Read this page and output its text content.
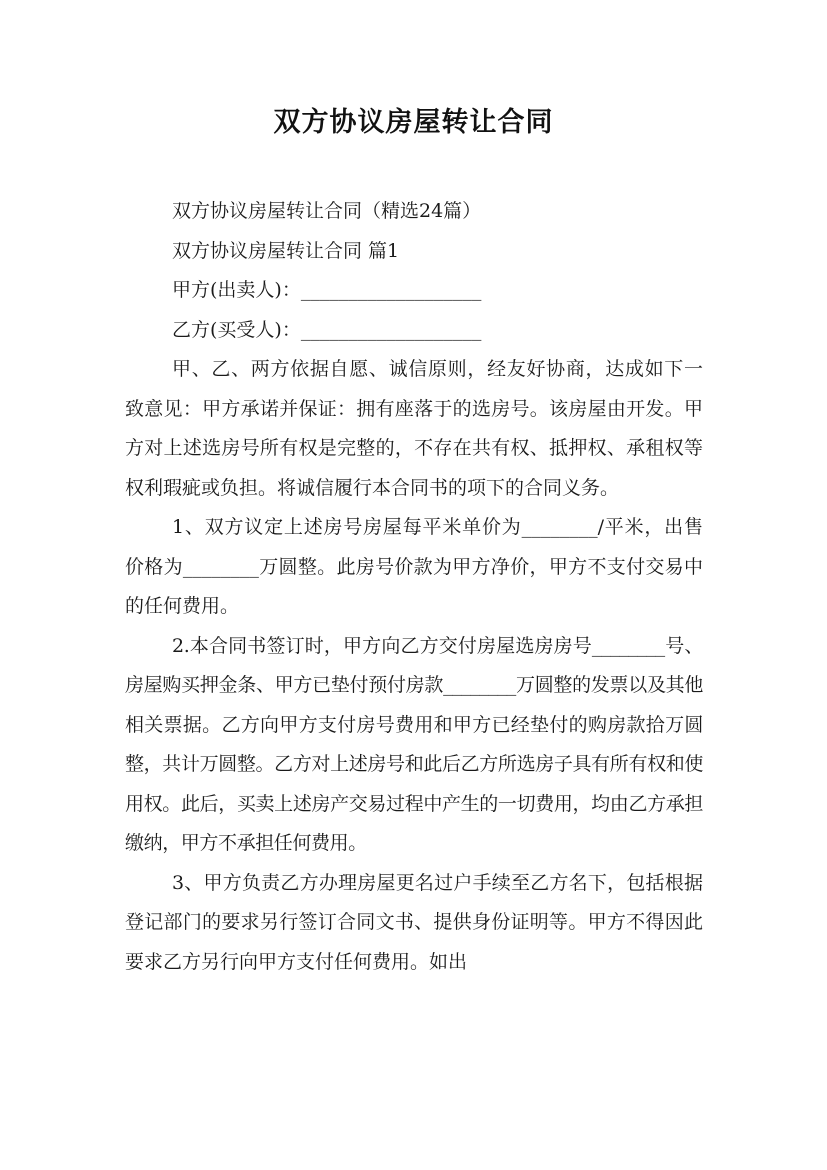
双方协议房屋转让合同
双方协议房屋转让合同（精选24篇）
双方协议房屋转让合同 篇1
甲方(出卖人)：___________________
乙方(买受人)：___________________

甲、乙、两方依据自愿、诚信原则，经友好协商，达成如下一致意见：甲方承诺并保证：拥有座落于的选房号。该房屋由开发。甲方对上述选房号所有权是完整的，不存在共有权、抵押权、承租权等权利瑕疵或负担。将诚信履行本合同书的项下的合同义务。

1、双方议定上述房号房屋每平米单价为________/平米，出售价格为________万圆整。此房号价款为甲方净价，甲方不支付交易中的任何费用。

2.本合同书签订时，甲方向乙方交付房屋选房房号________号、房屋购买押金条、甲方已垫付预付房款________万圆整的发票以及其他相关票据。乙方向甲方支付房号费用和甲方已经垫付的购房款拾万圆整，共计万圆整。乙方对上述房号和此后乙方所选房子具有所有权和使用权。此后，买卖上述房产交易过程中产生的一切费用，均由乙方承担缴纳，甲方不承担任何费用。

3、甲方负责乙方办理房屋更名过户手续至乙方名下，包括根据登记部门的要求另行签订合同文书、提供身份证明等。甲方不得因此要求乙方另行向甲方支付任何费用。如出
